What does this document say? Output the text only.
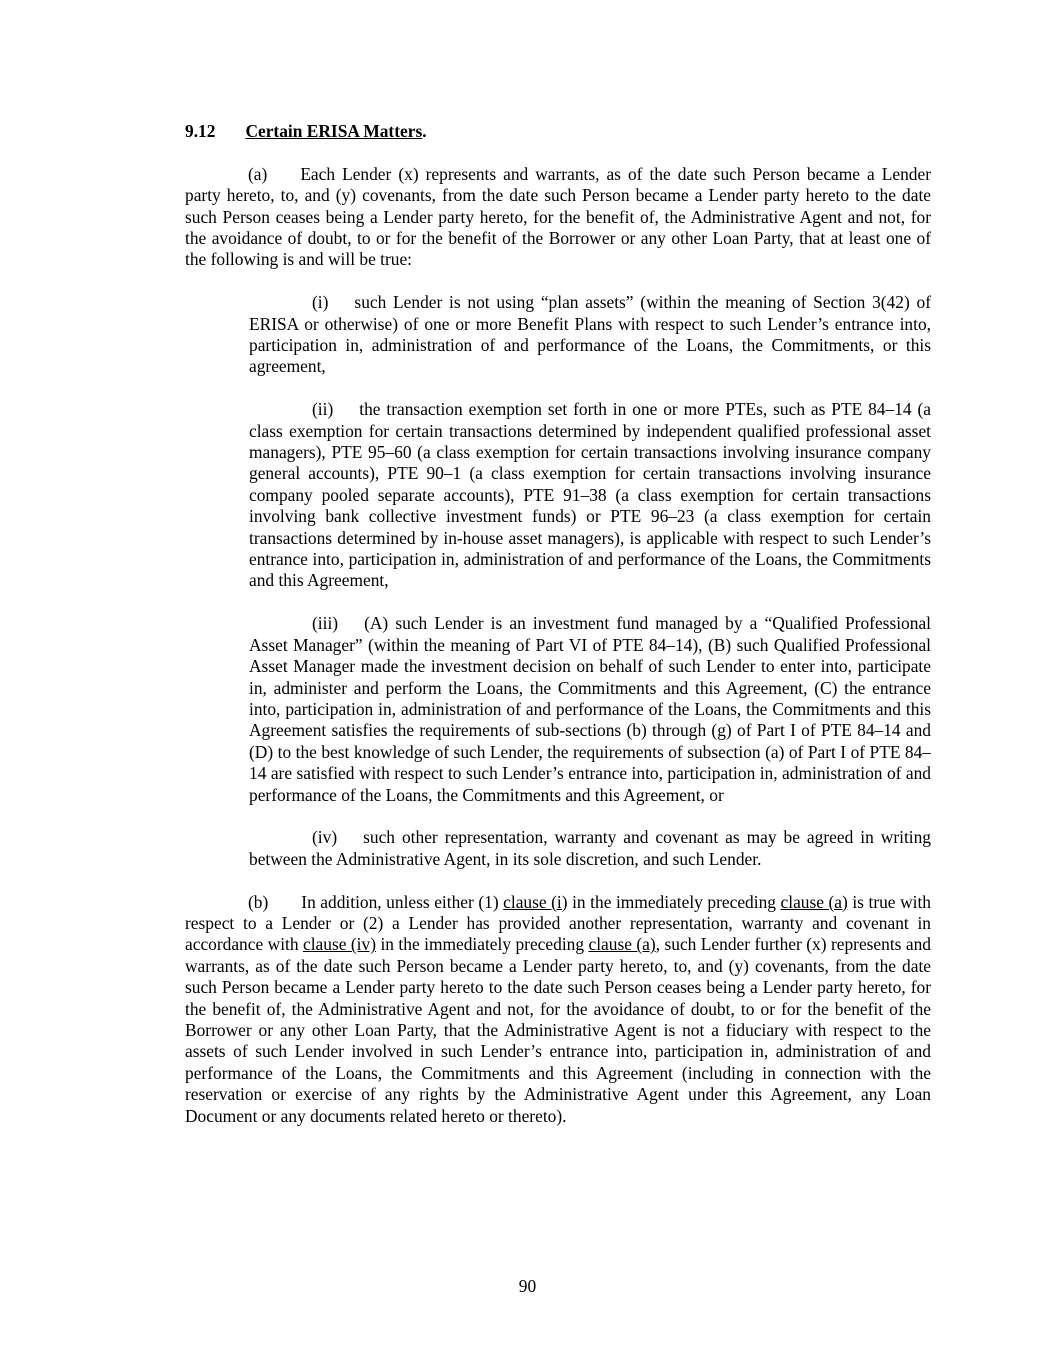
9.12 Certain ERISA Matters.

(a) Each Lender (x) represents and warrants, as of the date such Person became a Lender party hereto, to, and (y) covenants, from the date such Person became a Lender party hereto to the date such Person ceases being a Lender party hereto, for the benefit of, the Administrative Agent and not, for the avoidance of doubt, to or for the benefit of the Borrower or any other Loan Party, that at least one of the following is and will be true:

(i) such Lender is not using “plan assets” (within the meaning of Section 3(42) of ERISA or otherwise) of one or more Benefit Plans with respect to such Lender’s entrance into, participation in, administration of and performance of the Loans, the Commitments, or this agreement,

(ii) the transaction exemption set forth in one or more PTEs, such as PTE 84–14 (a class exemption for certain transactions determined by independent qualified professional asset managers), PTE 95–60 (a class exemption for certain transactions involving insurance company general accounts), PTE 90–1 (a class exemption for certain transactions involving insurance company pooled separate accounts), PTE 91–38 (a class exemption for certain transactions involving bank collective investment funds) or PTE 96–23 (a class exemption for certain transactions determined by in-house asset managers), is applicable with respect to such Lender’s entrance into, participation in, administration of and performance of the Loans, the Commitments and this Agreement,

(iii) (A) such Lender is an investment fund managed by a “Qualified Professional Asset Manager” (within the meaning of Part VI of PTE 84–14), (B) such Qualified Professional Asset Manager made the investment decision on behalf of such Lender to enter into, participate in, administer and perform the Loans, the Commitments and this Agreement, (C) the entrance into, participation in, administration of and performance of the Loans, the Commitments and this Agreement satisfies the requirements of sub-sections (b) through (g) of Part I of PTE 84–14 and (D) to the best knowledge of such Lender, the requirements of subsection (a) of Part I of PTE 84–14 are satisfied with respect to such Lender’s entrance into, participation in, administration of and performance of the Loans, the Commitments and this Agreement, or

(iv) such other representation, warranty and covenant as may be agreed in writing between the Administrative Agent, in its sole discretion, and such Lender.

(b) In addition, unless either (1) clause (i) in the immediately preceding clause (a) is true with respect to a Lender or (2) a Lender has provided another representation, warranty and covenant in accordance with clause (iv) in the immediately preceding clause (a), such Lender further (x) represents and warrants, as of the date such Person became a Lender party hereto, to, and (y) covenants, from the date such Person became a Lender party hereto to the date such Person ceases being a Lender party hereto, for the benefit of, the Administrative Agent and not, for the avoidance of doubt, to or for the benefit of the Borrower or any other Loan Party, that the Administrative Agent is not a fiduciary with respect to the assets of such Lender involved in such Lender’s entrance into, participation in, administration of and performance of the Loans, the Commitments and this Agreement (including in connection with the reservation or exercise of any rights by the Administrative Agent under this Agreement, any Loan Document or any documents related hereto or thereto).

90
